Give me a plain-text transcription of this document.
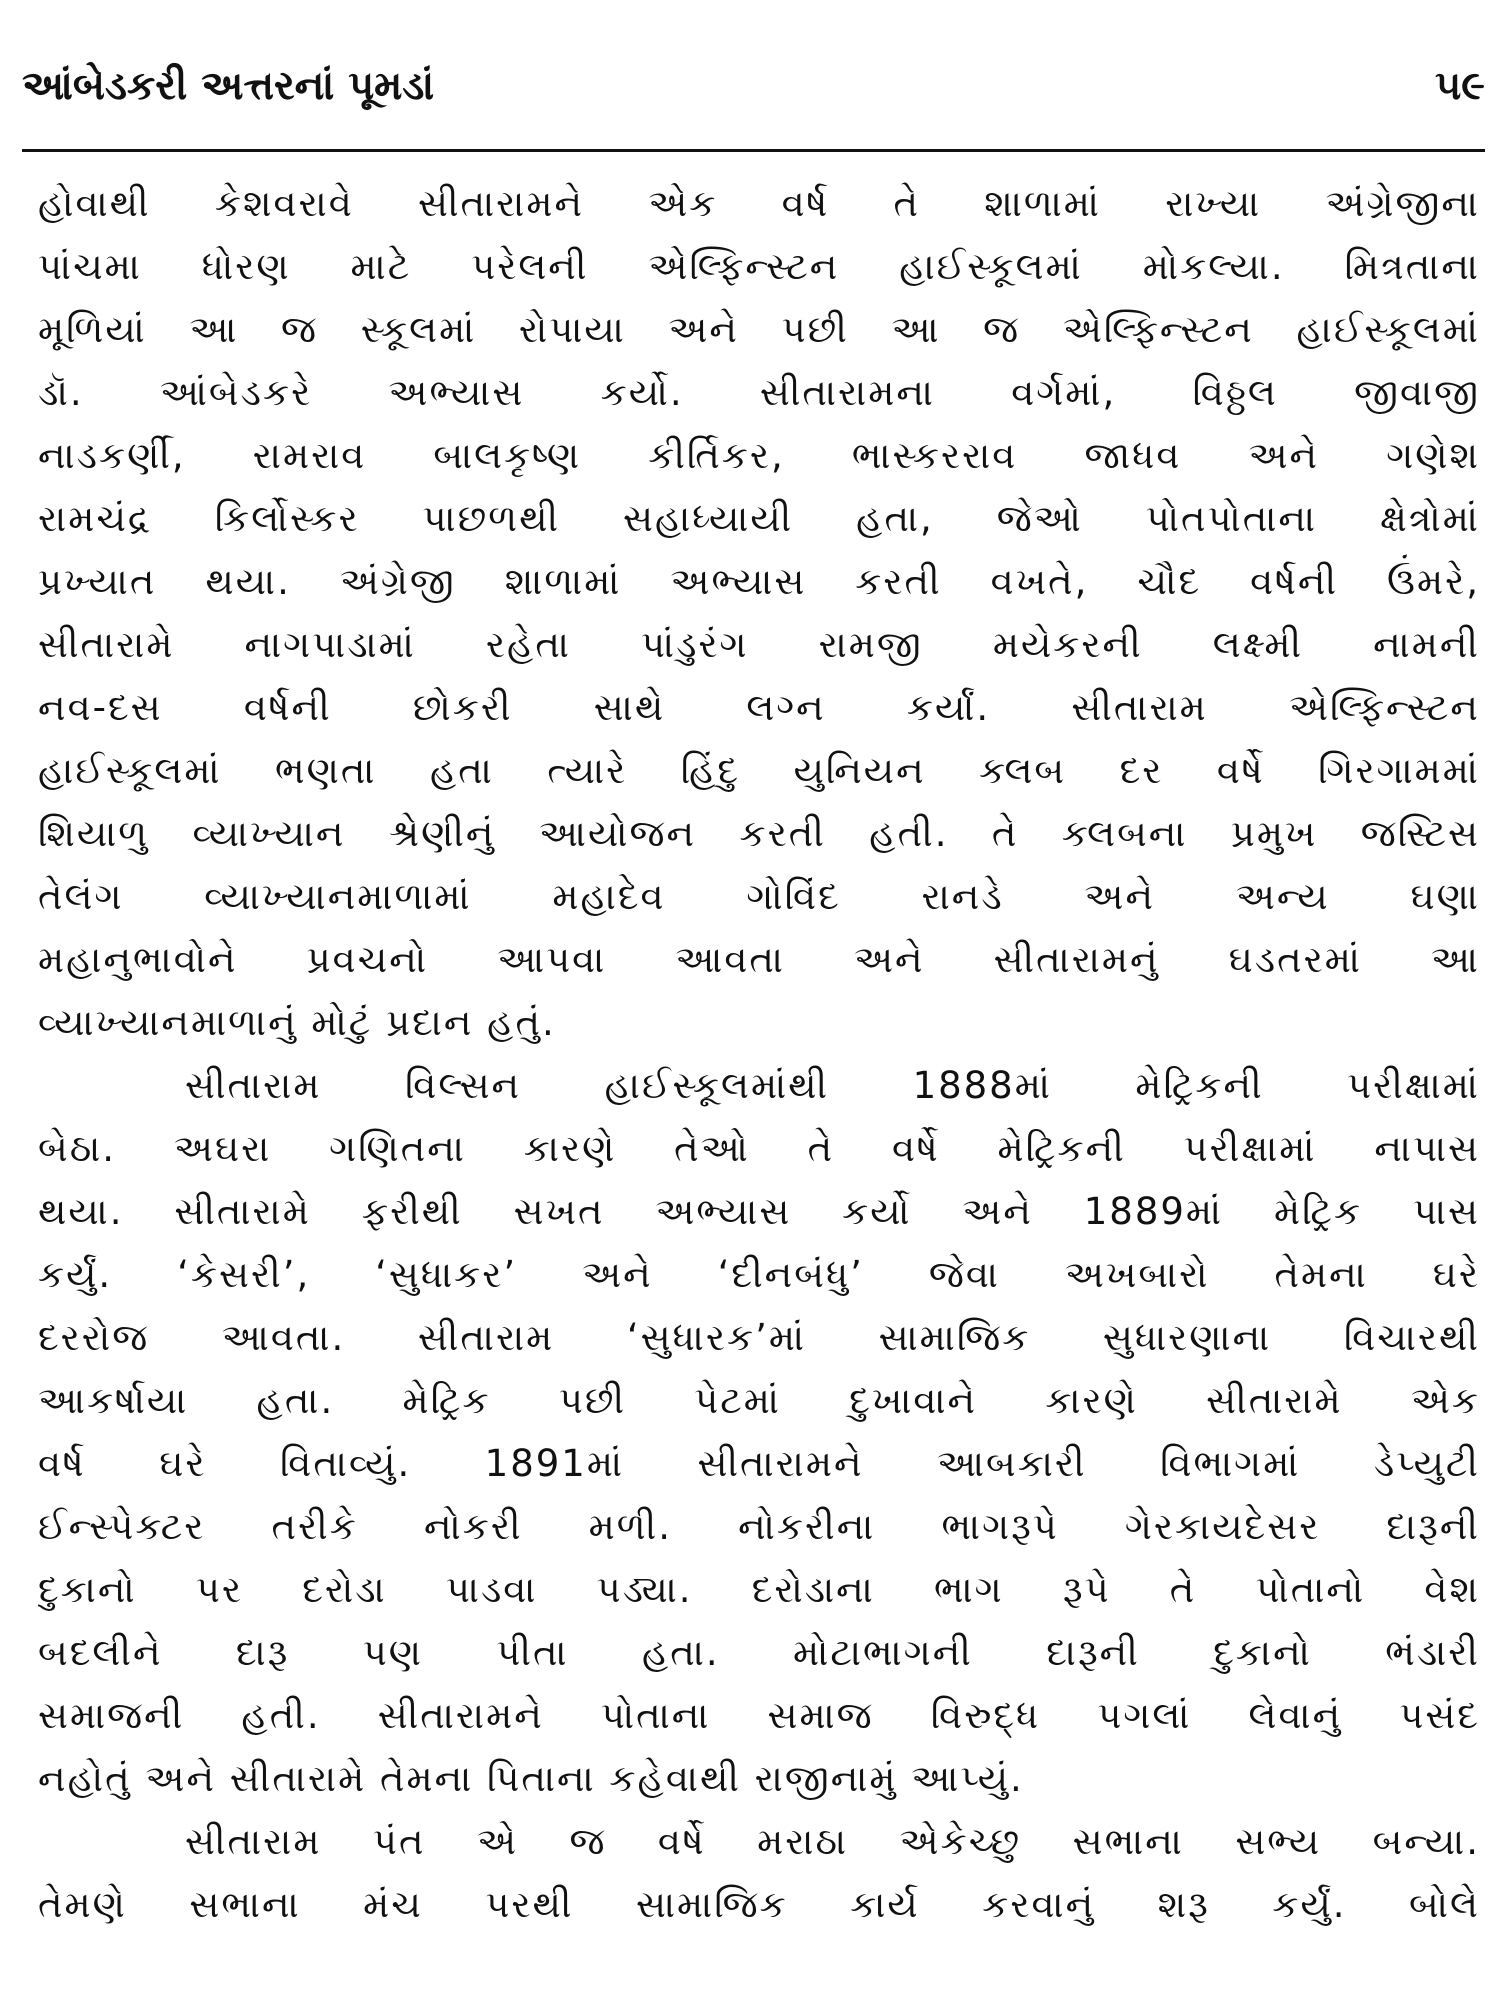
આંબેડકરી અત્તરનાં પૂમડાં	૫૯
હોવાથી કેશવરાવે સીતારામને એક વર્ષ તે શાળામાં રાખ્યા અંગ્રેજીના
પાંચમા ધોરણ માટે પરેલની એલ્ફિન્સ્ટન હાઈસ્કૂલમાં મોકલ્યા. મિત્રતાના
મૂળિયાં આ જ સ્કૂલમાં રોપાયા અને પછી આ જ એલ્ફિન્સ્ટન હાઈસ્કૂલમાં
ડૉ. આંબેડકરે અભ્યાસ કર્યો. સીતારામના વર્ગમાં, વિઠ્ઠલ જીવાજી
નાડકર્ણી, રામરાવ બાલકૃષ્ણ કીર્તિકર, ભાસ્કરરાવ જાધવ અને ગણેશ
રામચંદ્ર કિર્લોસ્કર પાછળથી સહાધ્યાયી હતા, જેઓ પોતપોતાના ક્ષેત્રોમાં
પ્રખ્યાત થયા. અંગ્રેજી શાળામાં અભ્યાસ કરતી વખતે, ચૌદ વર્ષની ઉંમરે,
સીતારામે નાગપાડામાં રહેતા પાંડુરંગ રામજી મયેકરની લક્ષ્મી નામની
નવ-દસ વર્ષની છોકરી સાથે લગ્ન કર્યાં. સીતારામ એલ્ફિન્સ્ટન
હાઈસ્કૂલમાં ભણતા હતા ત્યારે હિંદુ યુનિયન ક્લબ દર વર્ષે ગિરગામમાં
શિયાળુ વ્યાખ્યાન શ્રેણીનું આયોજન કરતી હતી. તે ક્લબના પ્રમુખ જસ્ટિસ
તેલંગ વ્યાખ્યાનમાળામાં મહાદેવ ગોવિંદ રાનડે અને અન્ય ઘણા
મહાનુભાવોને પ્રવચનો આપવા આવતા અને સીતારામનું ઘડતરમાં આ
વ્યાખ્યાનમાળાનું મોટું પ્રદાન હતું.
સીતારામ વિલ્સન હાઈસ્કૂલમાંથી 1888માં મેટ્રિકની પરીક્ષામાં
બેઠા. અઘરા ગણિતના કારણે તેઓ તે વર્ષે મેટ્રિકની પરીક્ષામાં નાપાસ
થયા. સીતારામે ફરીથી સખત અભ્યાસ કર્યો અને 1889માં મેટ્રિક પાસ
કર્યું. ‘કેસરી’, ‘સુધાકર’ અને ‘દીનબંધુ’ જેવા અખબારો તેમના ઘરે
દરરોજ આવતા. સીતારામ ‘સુધારક’માં સામાજિક સુધારણાના વિચારથી
આકર્ષાયા હતા. મેટ્રિક પછી પેટમાં દુખાવાને કારણે સીતારામે એક
વર્ષ ઘરે વિતાવ્યું. 1891માં સીતારામને આબકારી વિભાગમાં ડેપ્યુટી
ઈન્સ્પેક્ટર તરીકે નોકરી મળી. નોકરીના ભાગરૂપે ગેરકાયદેસર દારૂની
દુકાનો પર દરોડા પાડવા પડ્યા. દરોડાના ભાગ રૂપે તે પોતાનો વેશ
બદલીને દારૂ પણ પીતા હતા. મોટાભાગની દારૂની દુકાનો ભંડારી
સમાજની હતી. સીતારામને પોતાના સમાજ વિરુદ્ધ પગલાં લેવાનું પસંદ
નહોતું અને સીતારામે તેમના પિતાના કહેવાથી રાજીનામું આપ્યું.
સીતારામ પંત એ જ વર્ષે મરાઠા એકેચ્છુ સભાના સભ્ય બન્યા.
તેમણે સભાના મંચ પરથી સામાજિક કાર્ય કરવાનું શરૂ કર્યું. બોલે
